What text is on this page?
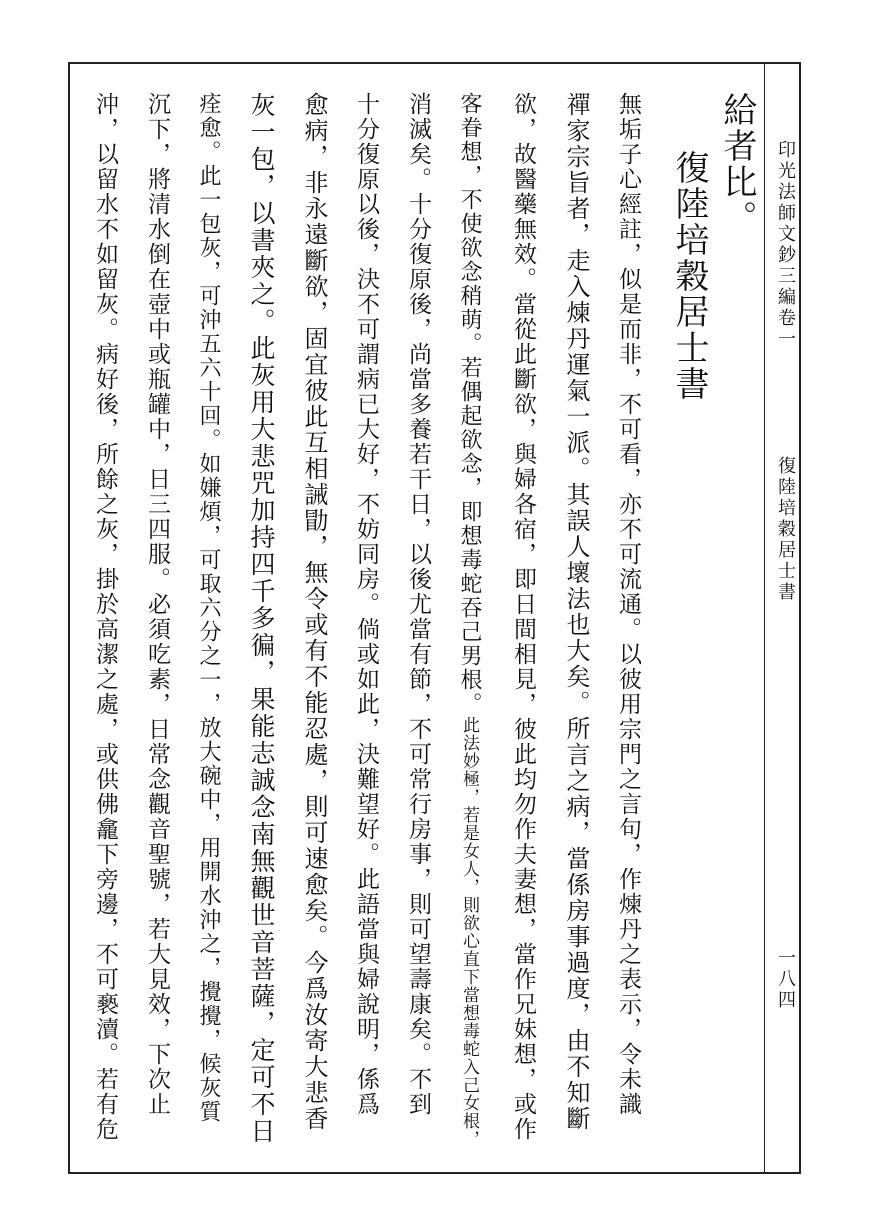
印光法師文鈔三編卷一
復陸培穀居士書
一八四
給者比。
復陸培穀居士書
無垢子心經註，似是而非，不可看，亦不可流通。以彼用宗門之言句，作煉丹之表示，令未識
禪家宗旨者，走入煉丹運氣一派。其誤人壞法也大矣。所言之病，當係房事過度，由不知斷
欲，故醫藥無效。當從此斷欲，與婦各宿，即日間相見，彼此均勿作夫妻想，當作兄妹想，或作
客眷想，不使欲念稍萌。若偶起欲念，即想毒蛇吞己男根。此法妙極，若是女人，則欲心直下當想毒蛇入己女根，
消滅矣。十分復原後，尚當多養若干日，以後尤當有節，不可常行房事，則可望壽康矣。不到
十分復原以後，決不可謂病已大好，不妨同房。倘或如此，決難望好。此語當與婦說明，係爲
愈病，非永遠斷欲，固宜彼此互相誡勖，無令或有不能忍處，則可速愈矣。今爲汝寄大悲香
灰一包，以書夾之。此灰用大悲咒加持四千多徧，果能志誠念南無觀世音菩薩，定可不日
痊愈。此一包灰，可沖五六十回。如嫌煩，可取六分之一，放大碗中，用開水沖之，攪攪，候灰質
沉下，將清水倒在壺中或瓶罐中，日三四服。必須吃素，日常念觀音聖號，若大見效，下次止
沖，以留水不如留灰。病好後，所餘之灰，掛於高潔之處，或供佛龕下旁邊，不可褻瀆。若有危
